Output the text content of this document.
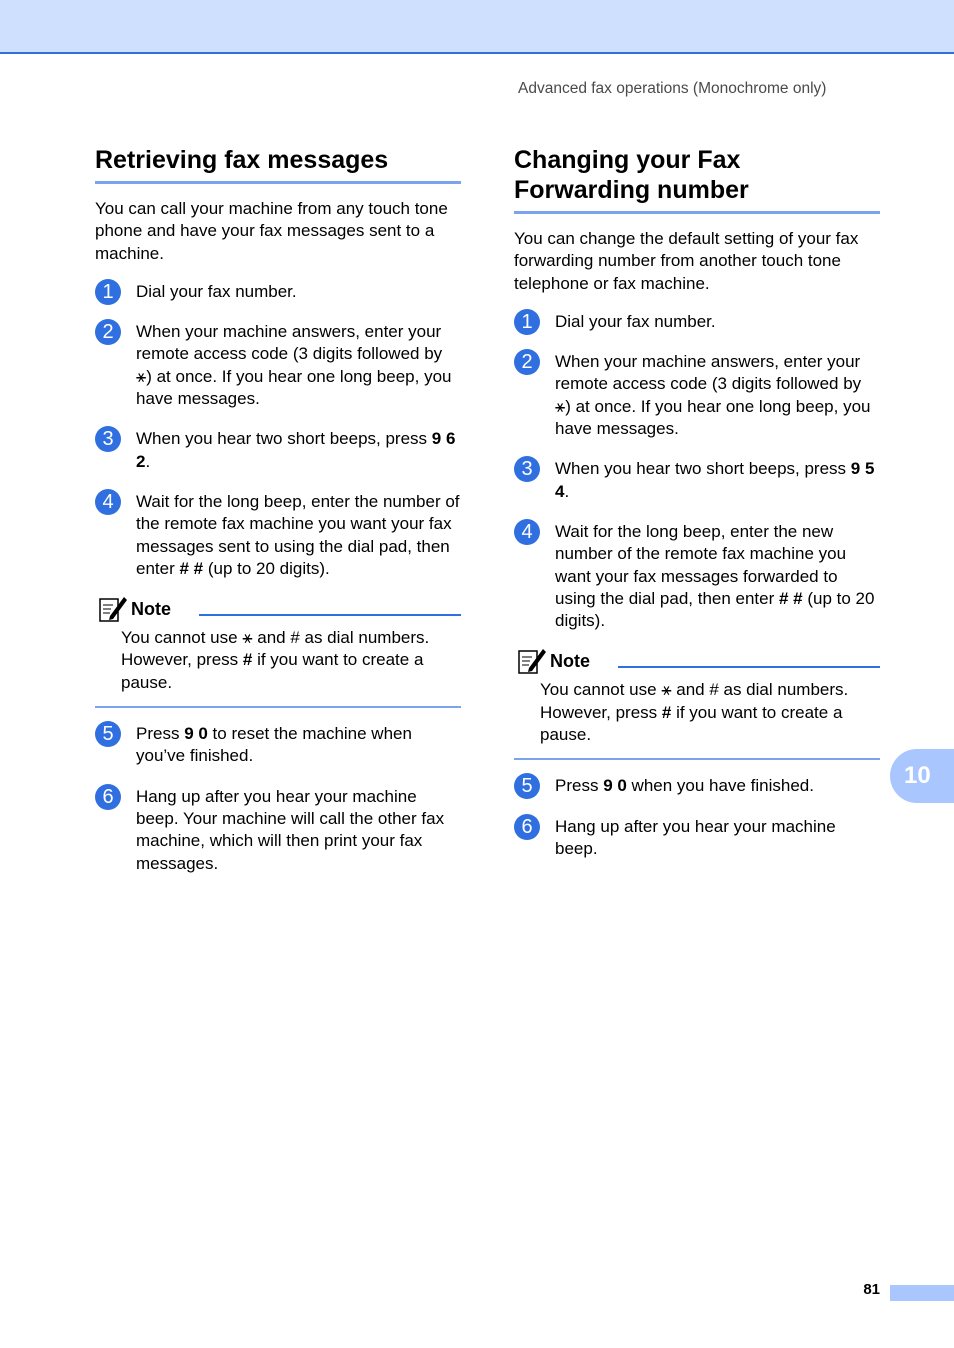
Advanced fax operations (Monochrome only)
Retrieving fax messages

You can call your machine from any touch tone phone and have your fax messages sent to a machine.

1	Dial your fax number.
2	When your machine answers, enter your remote access code (3 digits followed by ⚹) at once. If you hear one long beep, you have messages.
3	When you hear two short beeps, press 9 6 2.
4	Wait for the long beep, enter the number of the remote fax machine you want your fax messages sent to using the dial pad, then enter # # (up to 20 digits).
Note
You cannot use ⚹ and # as dial numbers. However, press # if you want to create a pause.
5	Press 9 0 to reset the machine when you’ve finished.
6	Hang up after you hear your machine beep. Your machine will call the other fax machine, which will then print your fax messages.
Changing your Fax
Forwarding number

You can change the default setting of your fax forwarding number from another touch tone telephone or fax machine.

1	Dial your fax number.
2	When your machine answers, enter your remote access code (3 digits followed by ⚹) at once. If you hear one long beep, you have messages.
3	When you hear two short beeps, press 9 5 4.
4	Wait for the long beep, enter the new number of the remote fax machine you want your fax messages forwarded to using the dial pad, then enter # # (up to 20 digits).
Note
You cannot use ⚹ and # as dial numbers. However, press # if you want to create a pause.
5	Press 9 0 when you have finished.
6	Hang up after you hear your machine beep.
10
81
